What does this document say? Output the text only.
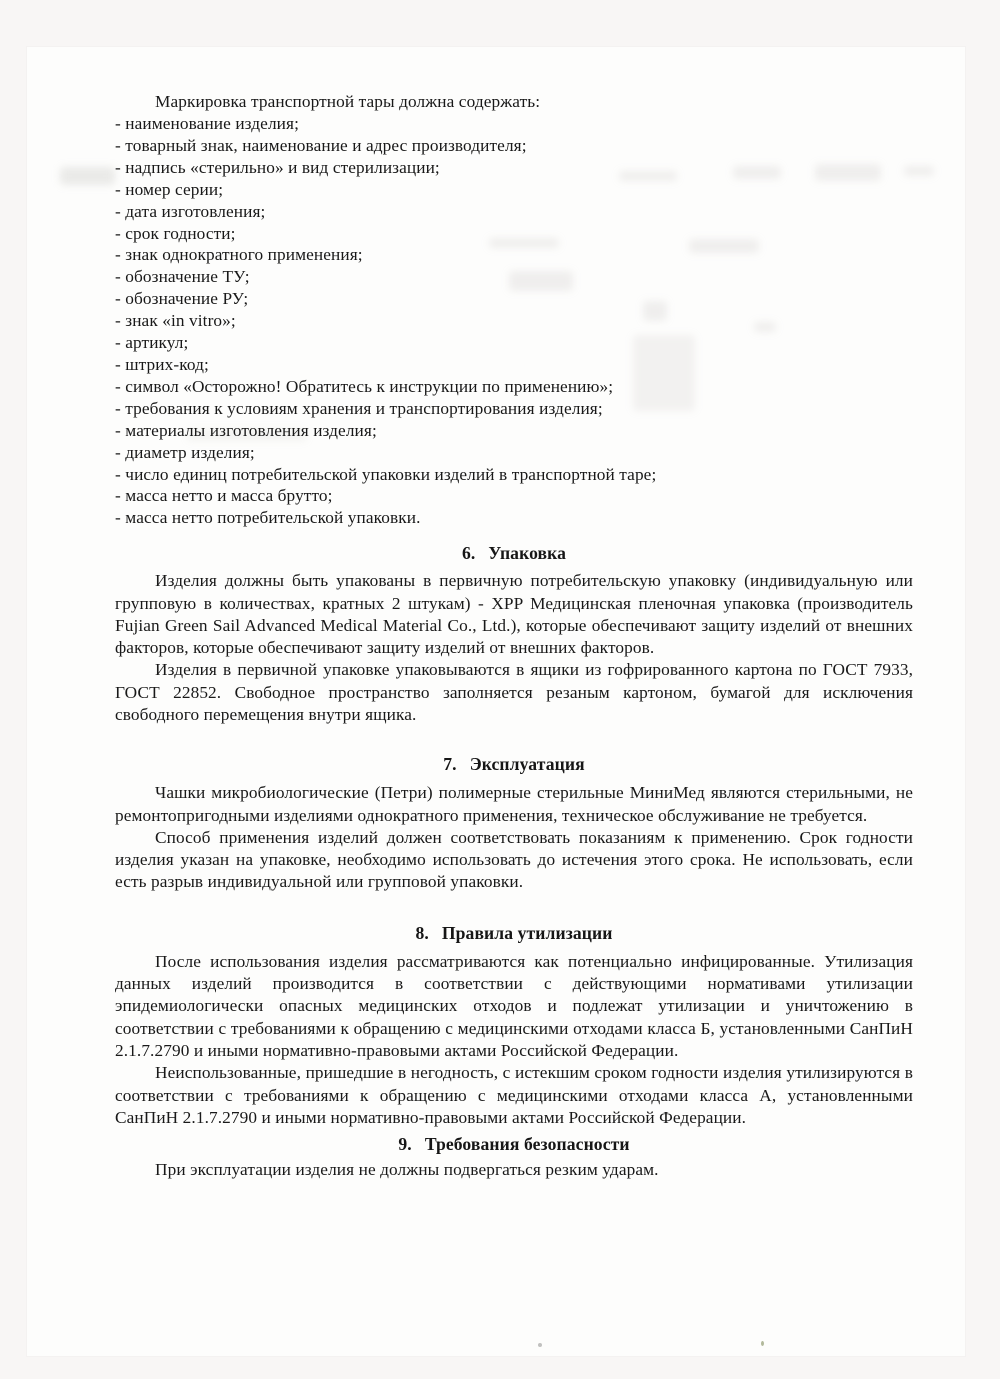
Маркировка транспортной тары должна содержать:

- наименование изделия;
- товарный знак, наименование и адрес производителя;
- надпись «стерильно» и вид стерилизации;
- номер серии;
- дата изготовления;
- срок годности;
- знак однократного применения;
- обозначение ТУ;
- обозначение РУ;
- знак «in vitro»;
- артикул;
- штрих-код;
- символ «Осторожно! Обратитесь к инструкции по применению»;
- требования к условиям хранения и транспортирования изделия;
- материалы изготовления изделия;
- диаметр изделия;
- число единиц потребительской упаковки изделий в транспортной таре;
- масса нетто и масса брутто;
- масса нетто потребительской упаковки.
6. Упаковка

Изделия должны быть упакованы в первичную потребительскую упаковку (индивидуальную или групповую в количествах, кратных 2 штукам) - XPP Медицинская пленочная упаковка (производитель Fujian Green Sail Advanced Medical Material Co., Ltd.), которые обеспечивают защиту изделий от внешних факторов, которые обеспечивают защиту изделий от внешних факторов.

Изделия в первичной упаковке упаковываются в ящики из гофрированного картона по ГОСТ 7933, ГОСТ 22852. Свободное пространство заполняется резаным картоном, бумагой для исключения свободного перемещения внутри ящика.

7. Эксплуатация

Чашки микробиологические (Петри) полимерные стерильные МиниМед являются стерильными, не ремонтопригодными изделиями однократного применения, техническое обслуживание не требуется.

Способ применения изделий должен соответствовать показаниям к применению. Срок годности изделия указан на упаковке, необходимо использовать до истечения этого срока. Не использовать, если есть разрыв индивидуальной или групповой упаковки.

8. Правила утилизации

После использования изделия рассматриваются как потенциально инфицированные. Утилизация данных изделий производится в соответствии с действующими нормативами утилизации эпидемиологически опасных медицинских отходов и подлежат утилизации и уничтожению в соответствии с требованиями к обращению с медицинскими отходами класса Б, установленными СанПиН 2.1.7.2790 и иными нормативно-правовыми актами Российской Федерации.

Неиспользованные, пришедшие в негодность, с истекшим сроком годности изделия утилизируются в соответствии с требованиями к обращению с медицинскими отходами класса А, установленными СанПиН 2.1.7.2790 и иными нормативно-правовыми актами Российской Федерации.

9. Требования безопасности

При эксплуатации изделия не должны подвергаться резким ударам.
